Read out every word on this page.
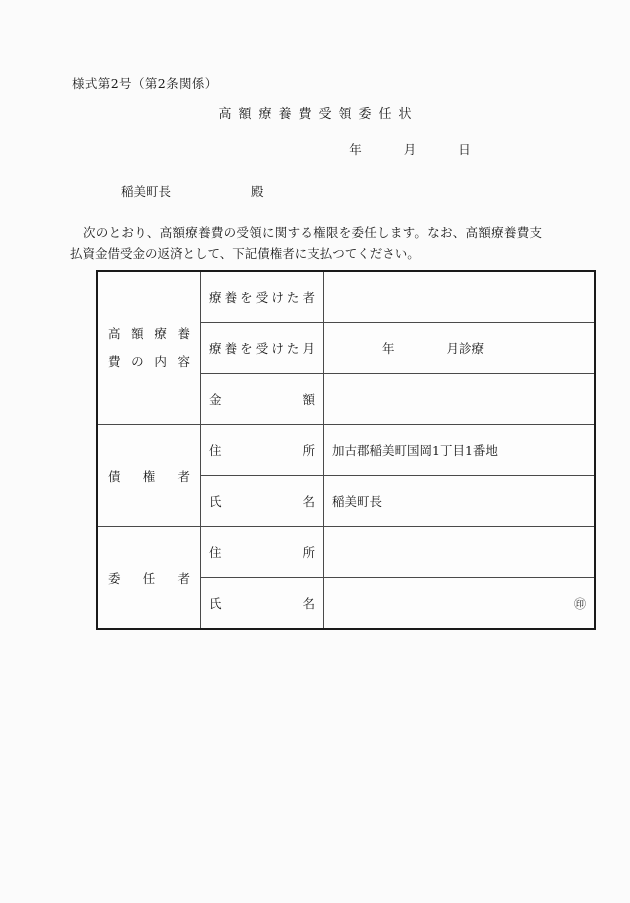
様式第2号（第2条関係）
高額療養費受領委任状
年	月	日
稲美町長	殿
次のとおり、高額療養費の受領に関する権限を委任します。なお、高額療養費支払資金借受金の返済として、下記債権者に支払つてください。
高額療養
費の内容	療養を受けた者	

	療養を受けた月	年 月診療

	金額	

債権者	住所	加古郡稲美町国岡1丁目1番地

	氏名	稲美町長

委任者	住所	

	氏名	㊞
